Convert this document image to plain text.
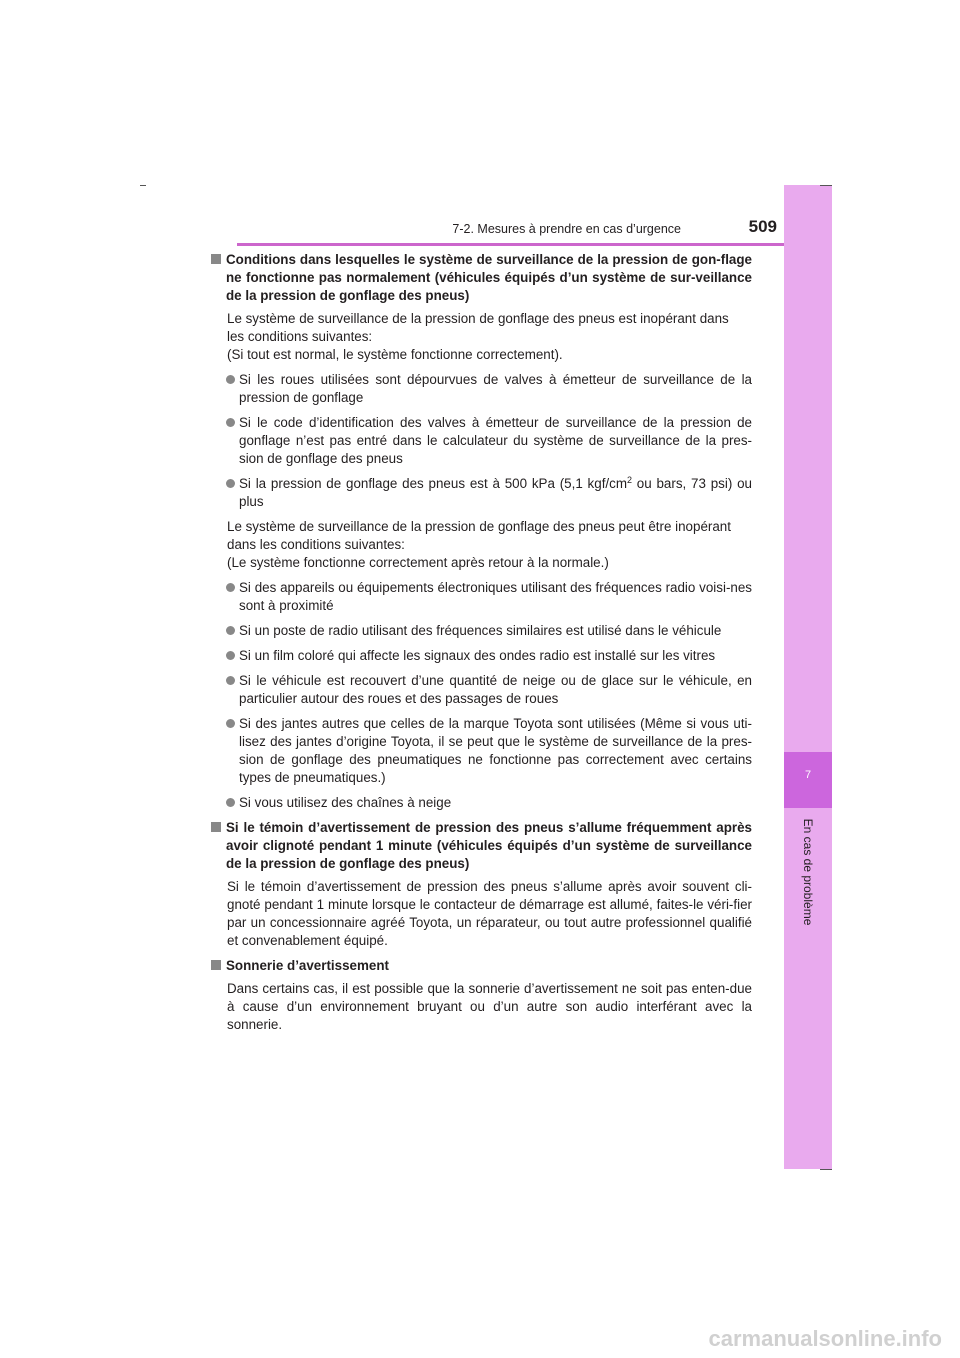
7-2. Mesures à prendre en cas d’urgence	509
7
En cas de problème
Conditions dans lesquelles le système de surveillance de la pression de gon-flage ne fonctionne pas normalement (véhicules équipés d’un système de sur-veillance de la pression de gonflage des pneus)
Le système de surveillance de la pression de gonflage des pneus est inopérant dans
les conditions suivantes:
(Si tout est normal, le système fonctionne correctement).
Si les roues utilisées sont dépourvues de valves à émetteur de surveillance de la pression de gonflage
Si le code d’identification des valves à émetteur de surveillance de la pression de gonflage n’est pas entré dans le calculateur du système de surveillance de la pres-sion de gonflage des pneus
Si la pression de gonflage des pneus est à 500 kPa (5,1 kgf/$cm^2$ ou bars, 73 psi) ou plus
Le système de surveillance de la pression de gonflage des pneus peut être inopérant
dans les conditions suivantes:
(Le système fonctionne correctement après retour à la normale.)
Si des appareils ou équipements électroniques utilisant des fréquences radio voisi-nes sont à proximité
Si un poste de radio utilisant des fréquences similaires est utilisé dans le véhicule
Si un film coloré qui affecte les signaux des ondes radio est installé sur les vitres
Si le véhicule est recouvert d’une quantité de neige ou de glace sur le véhicule, en particulier autour des roues et des passages de roues
Si des jantes autres que celles de la marque Toyota sont utilisées (Même si vous uti-lisez des jantes d’origine Toyota, il se peut que le système de surveillance de la pres-sion de gonflage des pneumatiques ne fonctionne pas correctement avec certains types de pneumatiques.)
Si vous utilisez des chaînes à neige
Si le témoin d’avertissement de pression des pneus s’allume fréquemment après avoir clignoté pendant 1 minute (véhicules équipés d’un système de surveillance de la pression de gonflage des pneus)
Si le témoin d’avertissement de pression des pneus s’allume après avoir souvent cli-gnoté pendant 1 minute lorsque le contacteur de démarrage est allumé, faites-le véri-fier par un concessionnaire agréé Toyota, un réparateur, ou tout autre professionnel qualifié et convenablement équipé.
Sonnerie d’avertissement
Dans certains cas, il est possible que la sonnerie d’avertissement ne soit pas enten-due à cause d’un environnement bruyant ou d’un autre son audio interférant avec la sonnerie.
carmanualsonline.info
